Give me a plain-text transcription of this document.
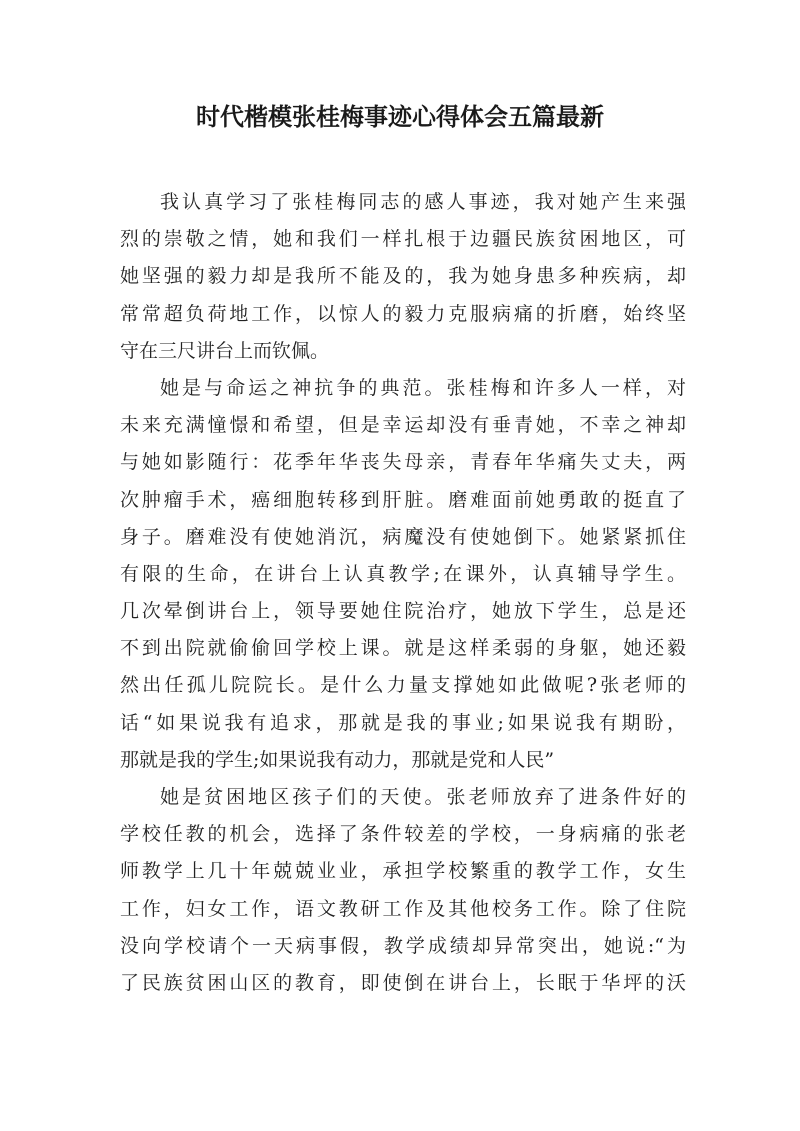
时代楷模张桂梅事迹心得体会五篇最新
我认真学习了张桂梅同志的感人事迹，我对她产生来强
烈的崇敬之情，她和我们一样扎根于边疆民族贫困地区，可
她坚强的毅力却是我所不能及的，我为她身患多种疾病，却
常常超负荷地工作，以惊人的毅力克服病痛的折磨，始终坚
守在三尺讲台上而钦佩。
她是与命运之神抗争的典范。张桂梅和许多人一样，对
未来充满憧憬和希望，但是幸运却没有垂青她，不幸之神却
与她如影随行：花季年华丧失母亲，青春年华痛失丈夫，两
次肿瘤手术，癌细胞转移到肝脏。磨难面前她勇敢的挺直了
身子。磨难没有使她消沉，病魔没有使她倒下。她紧紧抓住
有限的生命，在讲台上认真教学;在课外，认真辅导学生。
几次晕倒讲台上，领导要她住院治疗，她放下学生，总是还
不到出院就偷偷回学校上课。就是这样柔弱的身躯，她还毅
然出任孤儿院院长。是什么力量支撑她如此做呢?张老师的
话“如果说我有追求，那就是我的事业;如果说我有期盼，
那就是我的学生;如果说我有动力，那就是党和人民”
她是贫困地区孩子们的天使。张老师放弃了进条件好的
学校任教的机会，选择了条件较差的学校，一身病痛的张老
师教学上几十年兢兢业业，承担学校繁重的教学工作，女生
工作，妇女工作，语文教研工作及其他校务工作。除了住院
没向学校请个一天病事假，教学成绩却异常突出，她说:“为
了民族贫困山区的教育，即使倒在讲台上，长眠于华坪的沃
